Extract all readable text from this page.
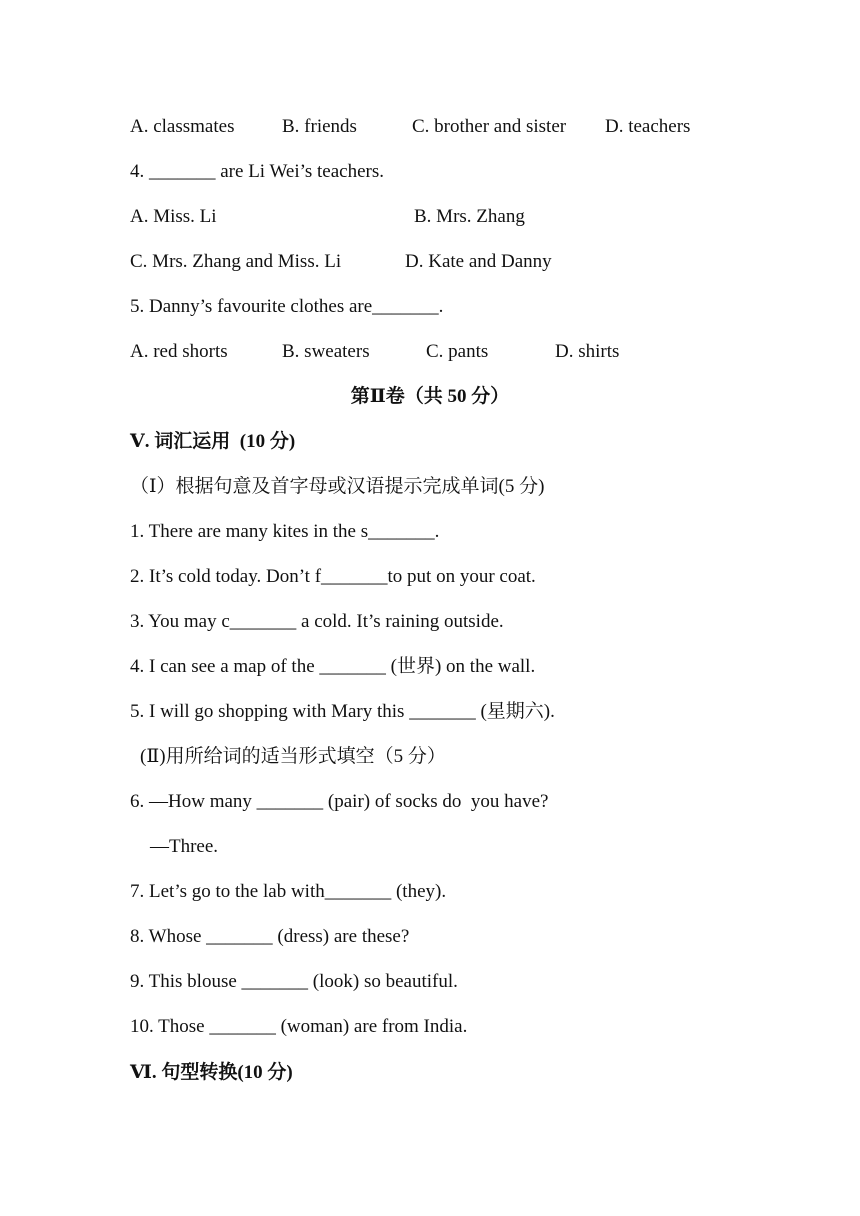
A. classmates	B. friends	C. brother and sister D. teachers
4. _______ are Li Wei’s teachers.
A. Miss. Li	B. Mrs. Zhang
C. Mrs. Zhang and Miss. Li	D. Kate and Danny
5. Danny’s favourite clothes are_______.
A. red shorts	B. sweaters	C. pants	D. shirts
第Ⅱ卷（共 50 分）
Ⅴ. 词汇运用  (10 分)
（Ⅰ）根据句意及首字母或汉语提示完成单词(5 分)
1. There are many kites in the s_______.
2. It’s cold today. Don’t f_______to put on your coat.
3. You may c_______ a cold. It’s raining outside.
4. I can see a map of the _______ (世界) on the wall.
5. I will go shopping with Mary this _______ (星期六).
(Ⅱ)用所给词的适当形式填空（5 分）
6. —How many _______ (pair) of socks do  you have?
—Three.
7. Let’s go to the lab with_______ (they).
8. Whose _______ (dress) are these?
9. This blouse _______ (look) so beautiful.
10. Those _______ (woman) are from India.
Ⅵ. 句型转换(10 分)
